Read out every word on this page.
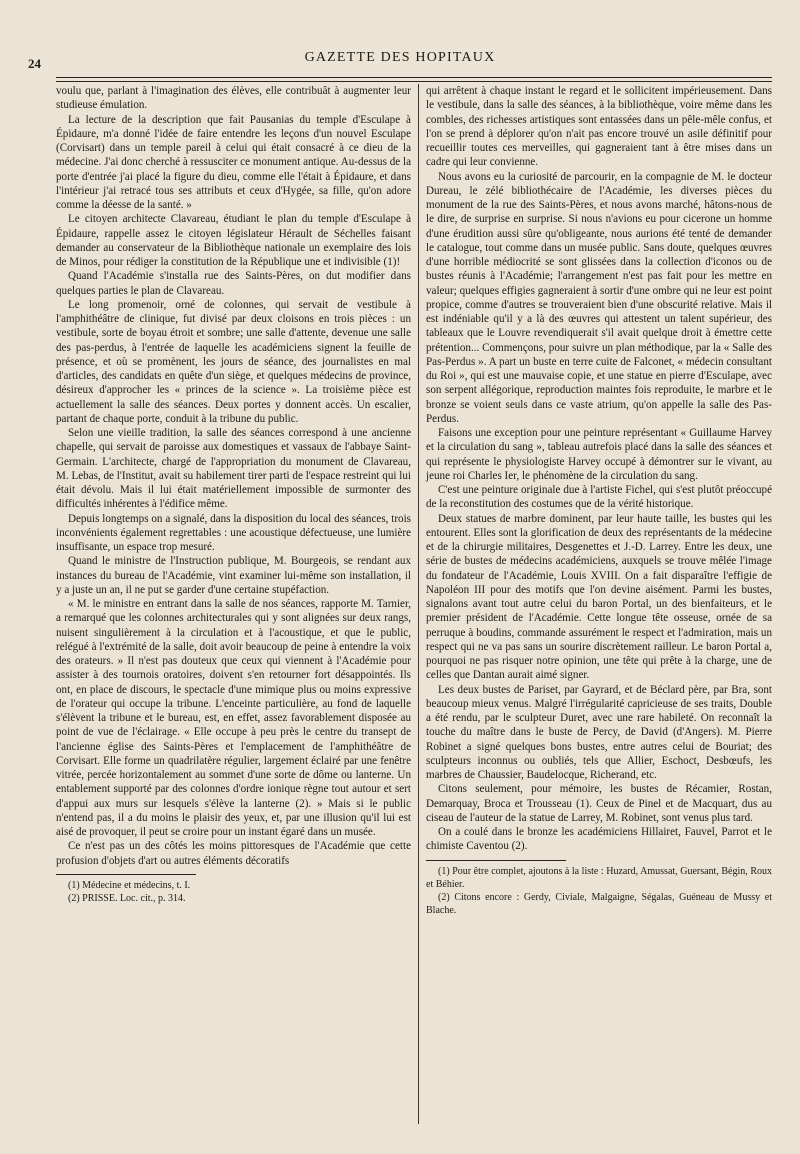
24	GAZETTE DES HOPITAUX

voulu que, parlant à l'imagination des élèves, elle contribuât à augmenter leur studieuse émulation.

La lecture de la description que fait Pausanias du temple d'Esculape à Épidaure, m'a donné l'idée de faire entendre les leçons d'un nouvel Esculape (Corvisart) dans un temple pareil à celui qui était consacré à ce dieu de la médecine. J'ai donc cherché à ressusciter ce monument antique. Au-dessus de la porte d'entrée j'ai placé la figure du dieu, comme elle l'était à Épidaure, et dans l'intérieur j'ai retracé tous ses attributs et ceux d'Hygée, sa fille, qu'on adore comme la déesse de la santé. »

Le citoyen architecte Clavareau, étudiant le plan du temple d'Esculape à Épidaure, rappelle assez le citoyen législateur Hérault de Séchelles faisant demander au conservateur de la Bibliothèque nationale un exemplaire des lois de Minos, pour rédiger la constitution de la République une et indivisible (1)!

Quand l'Académie s'installa rue des Saints-Pères, on dut modifier dans quelques parties le plan de Clavareau.

Le long promenoir, orné de colonnes, qui servait de vestibule à l'amphithéâtre de clinique, fut divisé par deux cloisons en trois pièces : un vestibule, sorte de boyau étroit et sombre; une salle d'attente, devenue une salle des pas-perdus, à l'entrée de laquelle les académiciens signent la feuille de présence, et où se promènent, les jours de séance, des journalistes en mal d'articles, des candidats en quête d'un siège, et quelques médecins de province, désireux d'approcher les « princes de la science ». La troisième pièce est actuellement la salle des séances. Deux portes y donnent accès. Un escalier, partant de chaque porte, conduit à la tribune du public.

Selon une vieille tradition, la salle des séances correspond à une ancienne chapelle, qui servait de paroisse aux domestiques et vassaux de l'abbaye Saint-Germain. L'architecte, chargé de l'appropriation du monument de Clavareau, M. Lebas, de l'Institut, avait su habilement tirer parti de l'espace restreint qui lui était dévolu. Mais il lui était matériellement impossible de surmonter des difficultés inhérentes à l'édifice même.

Depuis longtemps on a signalé, dans la disposition du local des séances, trois inconvénients également regrettables : une acoustique défectueuse, une lumière insuffisante, un espace trop mesuré.

Quand le ministre de l'Instruction publique, M. Bourgeois, se rendant aux instances du bureau de l'Académie, vint examiner lui-même son installation, il y a juste un an, il ne put se garder d'une certaine stupéfaction.

« M. le ministre en entrant dans la salle de nos séances, rapporte M. Tarnier, a remarqué que les colonnes architecturales qui y sont alignées sur deux rangs, nuisent singulièrement à la circulation et à l'acoustique, et que le public, relégué à l'extrémité de la salle, doit avoir beaucoup de peine à entendre la voix des orateurs. » Il n'est pas douteux que ceux qui viennent à l'Académie pour assister à des tournois oratoires, doivent s'en retourner fort désappointés. Ils ont, en place de discours, le spectacle d'une mimique plus ou moins expressive de l'orateur qui occupe la tribune. L'enceinte particulière, au fond de laquelle s'élèvent la tribune et le bureau, est, en effet, assez favorablement disposée au point de vue de l'éclairage. « Elle occupe à peu près le centre du transept de l'ancienne église des Saints-Pères et l'emplacement de l'amphithéâtre de Corvisart. Elle forme un quadrilatère régulier, largement éclairé par une fenêtre vitrée, percée horizontalement au sommet d'une sorte de dôme ou lanterne. Un entablement supporté par des colonnes d'ordre ionique règne tout autour et sert d'appui aux murs sur lesquels s'élève la lanterne (2). » Mais si le public n'entend pas, il a du moins le plaisir des yeux, et, par une illusion qu'il lui est aisé de provoquer, il peut se croire pour un instant égaré dans un musée.

Ce n'est pas un des côtés les moins pittoresques de l'Académie que cette profusion d'objets d'art ou autres éléments décoratifs

(1) Médecine et médecins, t. I.

(2) PRISSE. Loc. cit., p. 314.

qui arrêtent à chaque instant le regard et le sollicitent impérieusement. Dans le vestibule, dans la salle des séances, à la bibliothèque, voire même dans les combles, des richesses artistiques sont entassées dans un pêle-mêle confus, et l'on se prend à déplorer qu'on n'ait pas encore trouvé un asile définitif pour recueillir toutes ces merveilles, qui gagneraient tant à être mises dans un cadre qui leur convienne.

Nous avons eu la curiosité de parcourir, en la compagnie de M. le docteur Dureau, le zélé bibliothécaire de l'Académie, les diverses pièces du monument de la rue des Saints-Pères, et nous avons marché, hâtons-nous de le dire, de surprise en surprise. Si nous n'avions eu pour cicerone un homme d'une érudition aussi sûre qu'obligeante, nous aurions été tenté de demander le catalogue, tout comme dans un musée public. Sans doute, quelques œuvres d'une horrible médiocrité se sont glissées dans la collection d'iconos ou de bustes réunis à l'Académie; l'arrangement n'est pas fait pour les mettre en valeur; quelques effigies gagneraient à sortir d'une ombre qui ne leur est point propice, comme d'autres se trouveraient bien d'une obscurité relative. Mais il est indéniable qu'il y a là des œuvres qui attestent un talent supérieur, des tableaux que le Louvre revendiquerait s'il avait quelque droit à émettre cette prétention... Commençons, pour suivre un plan méthodique, par la « Salle des Pas-Perdus ». A part un buste en terre cuite de Falconet, « médecin consultant du Roi », qui est une mauvaise copie, et une statue en pierre d'Esculape, avec son serpent allégorique, reproduction maintes fois reproduite, le marbre et le bronze se voient seuls dans ce vaste atrium, qu'on appelle la salle des Pas-Perdus.

Faisons une exception pour une peinture représentant « Guillaume Harvey et la circulation du sang », tableau autrefois placé dans la salle des séances et qui représente le physiologiste Harvey occupé à démontrer sur le vivant, au jeune roi Charles Ier, le phénomène de la circulation du sang.

C'est une peinture originale due à l'artiste Fichel, qui s'est plutôt préoccupé de la reconstitution des costumes que de la vérité historique.

Deux statues de marbre dominent, par leur haute taille, les bustes qui les entourent. Elles sont la glorification de deux des représentants de la médecine et de la chirurgie militaires, Desgenettes et J.-D. Larrey. Entre les deux, une série de bustes de médecins académiciens, auxquels se trouve mêlée l'image du fondateur de l'Académie, Louis XVIII. On a fait disparaître l'effigie de Napoléon III pour des motifs que l'on devine aisément. Parmi les bustes, signalons avant tout autre celui du baron Portal, un des bienfaiteurs, et le premier président de l'Académie. Cette longue tête osseuse, ornée de sa perruque à boudins, commande assurément le respect et l'admiration, mais un respect qui ne va pas sans un sourire discrètement railleur. Le baron Portal a, pourquoi ne pas risquer notre opinion, une tête qui prête à la charge, une de celles que Dantan aurait aimé signer.

Les deux bustes de Pariset, par Gayrard, et de Béclard père, par Bra, sont beaucoup mieux venus. Malgré l'irrégularité capricieuse de ses traits, Double a été rendu, par le sculpteur Duret, avec une rare habileté. On reconnaît la touche du maître dans le buste de Percy, de David (d'Angers). M. Pierre Robinet a signé quelques bons bustes, entre autres celui de Bouriat; des sculpteurs inconnus ou oubliés, tels que Allier, Eschoct, Desbœufs, les marbres de Chaussier, Baudelocque, Richerand, etc.

Citons seulement, pour mémoire, les bustes de Récamier, Rostan, Demarquay, Broca et Trousseau (1). Ceux de Pinel et de Macquart, dus au ciseau de l'auteur de la statue de Larrey, M. Robinet, sont venus plus tard.

On a coulé dans le bronze les académiciens Hillairet, Fauvel, Parrot et le chimiste Caventou (2).

(1) Pour être complet, ajoutons à la liste : Huzard, Amussat, Guersant, Bégin, Roux et Béhier.

(2) Citons encore : Gerdy, Civiale, Malgaigne, Ségalas, Guéneau de Mussy et Blache.
